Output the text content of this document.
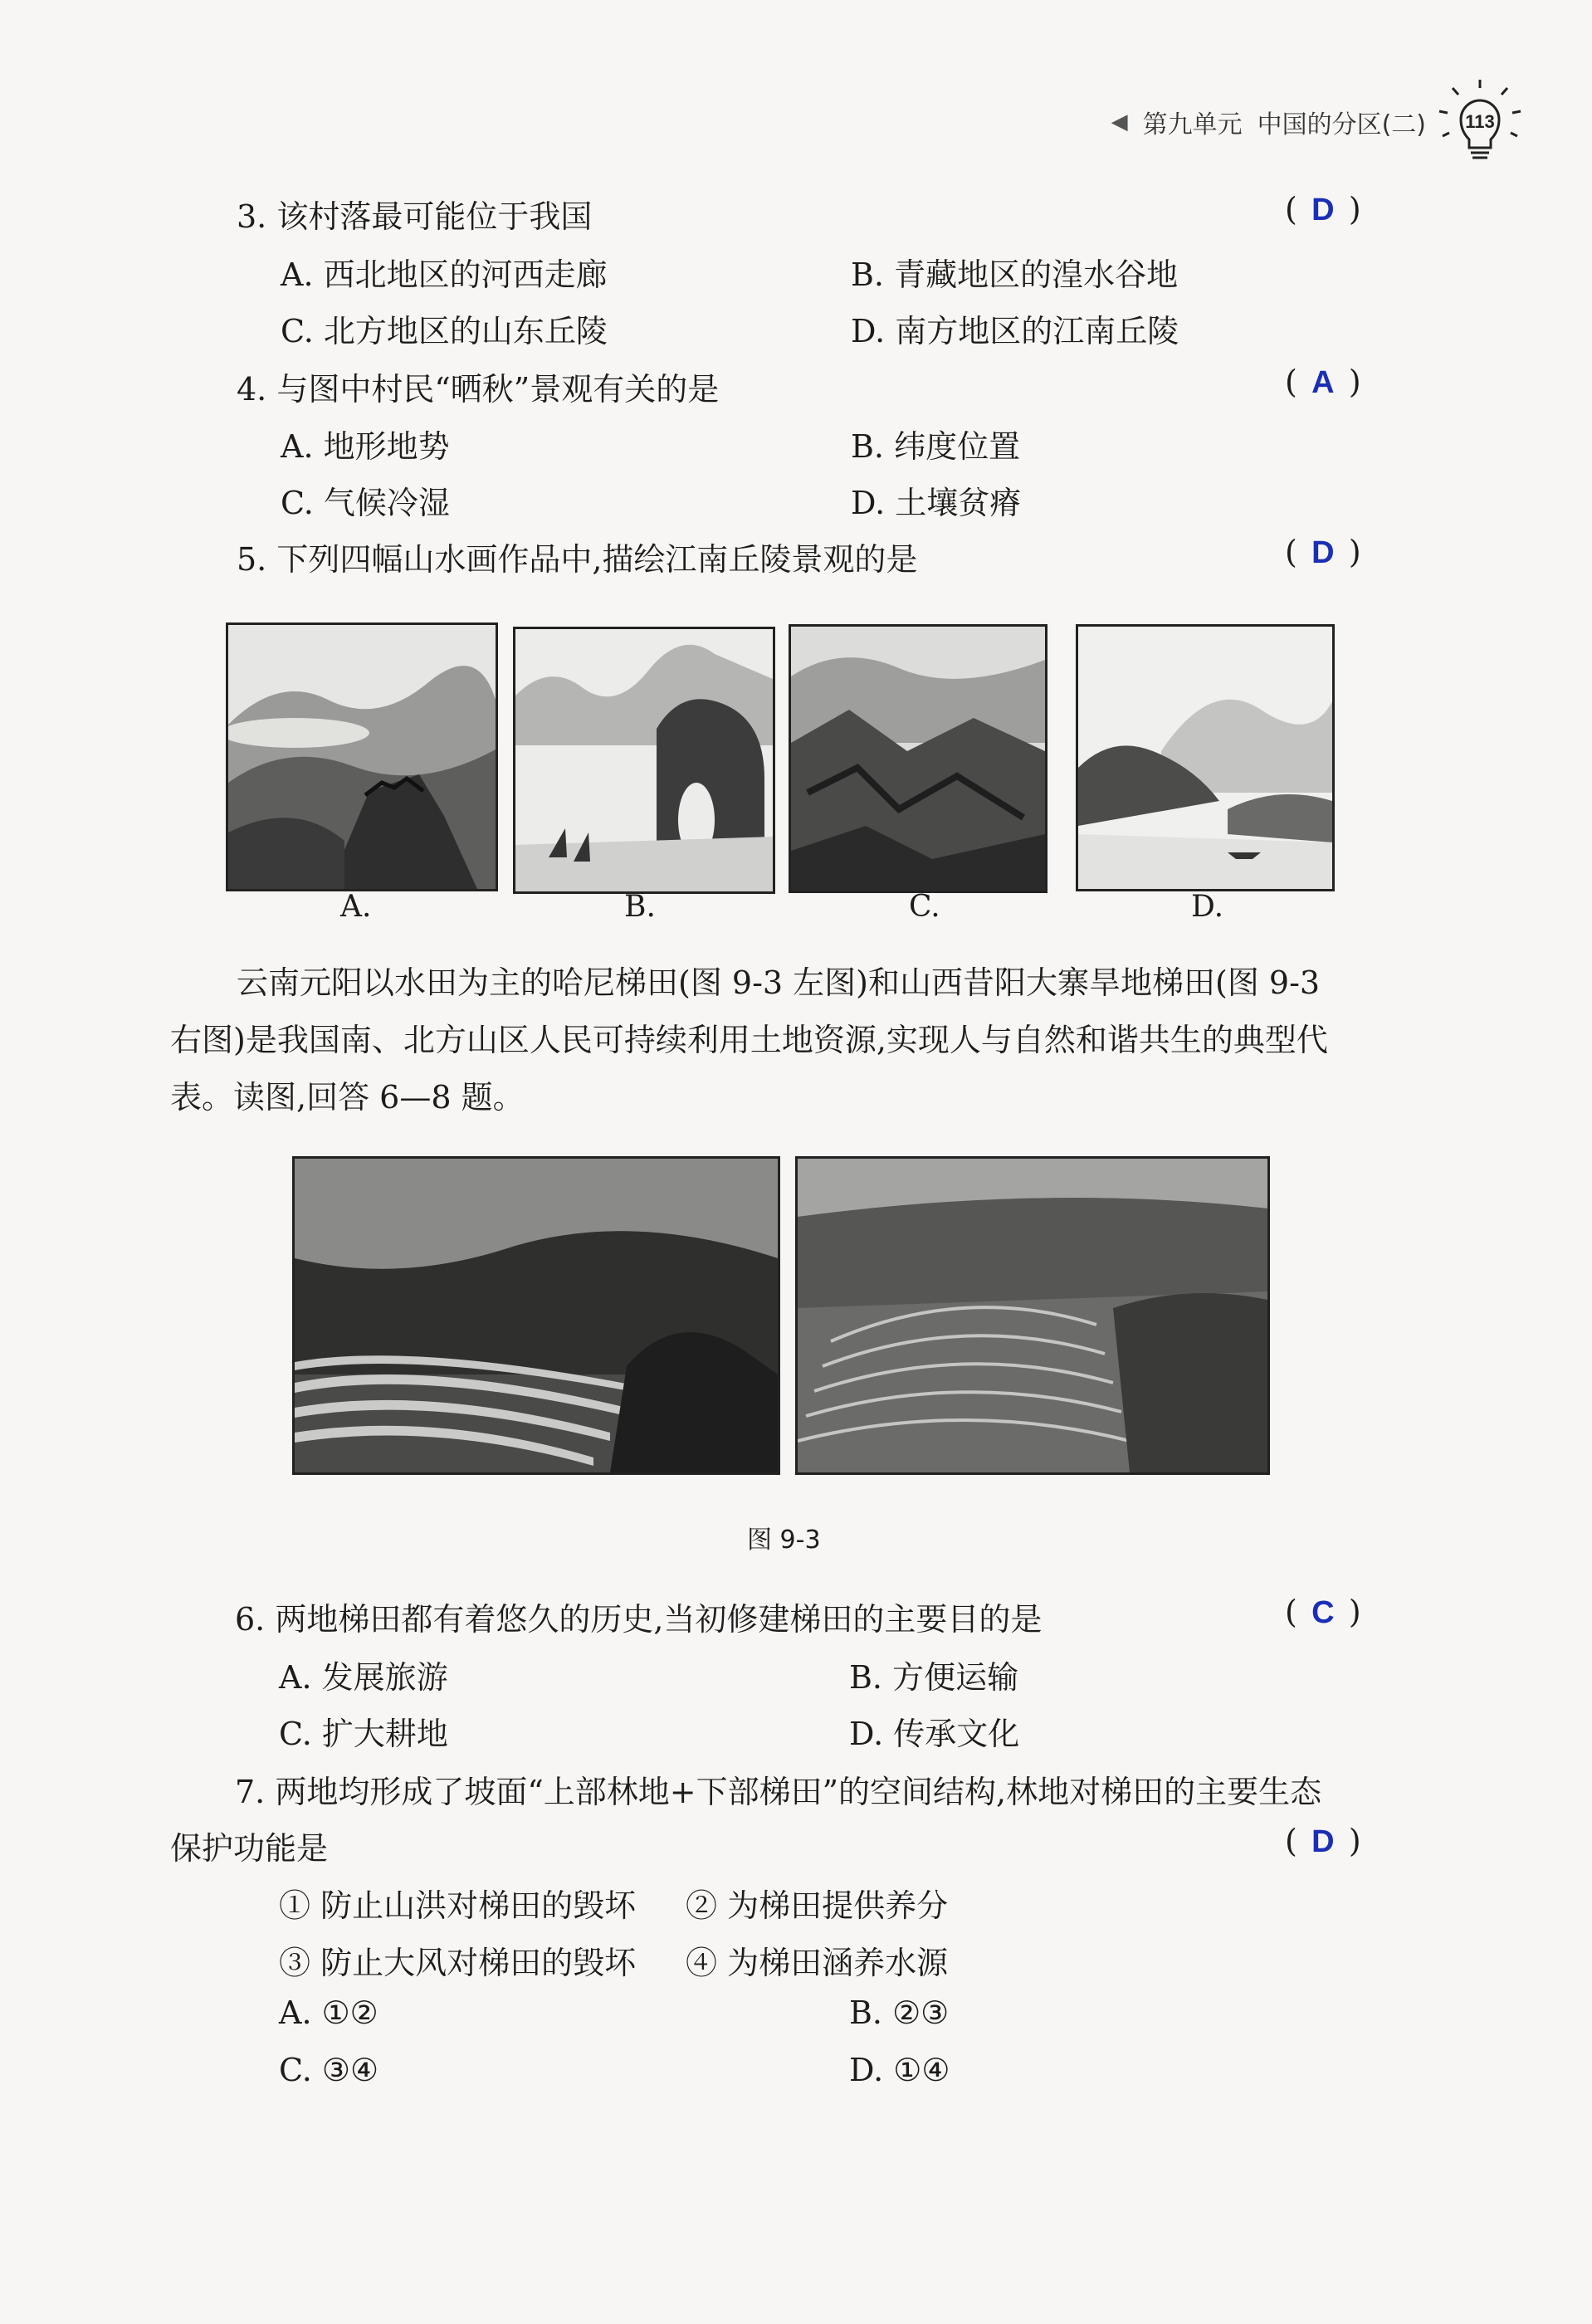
◀ 第九单元 中国的分区(二) 113
3. 该村落最可能位于我国	( D )
A. 西北地区的河西走廊	B. 青藏地区的湟水谷地
C. 北方地区的山东丘陵	D. 南方地区的江南丘陵
4. 与图中村民“晒秋”景观有关的是	( A )
A. 地形地势	B. 纬度位置
C. 气候冷湿	D. 土壤贫瘠
5. 下列四幅山水画作品中,描绘江南丘陵景观的是	( D )
A.	B.	C.	D.
云南元阳以水田为主的哈尼梯田(图 9-3 左图)和山西昔阳大寨旱地梯田(图 9-3
右图)是我国南、北方山区人民可持续利用土地资源,实现人与自然和谐共生的典型代
表。读图,回答 6—8 题。
图 9-3
6. 两地梯田都有着悠久的历史,当初修建梯田的主要目的是	( C )
A. 发展旅游	B. 方便运输
C. 扩大耕地	D. 传承文化
7. 两地均形成了坡面“上部林地+下部梯田”的空间结构,林地对梯田的主要生态
保护功能是	( D )
① 防止山洪对梯田的毁坏 ② 为梯田提供养分
③ 防止大风对梯田的毁坏 ④ 为梯田涵养水源
A. ①②	B. ②③
C. ③④	D. ①④
